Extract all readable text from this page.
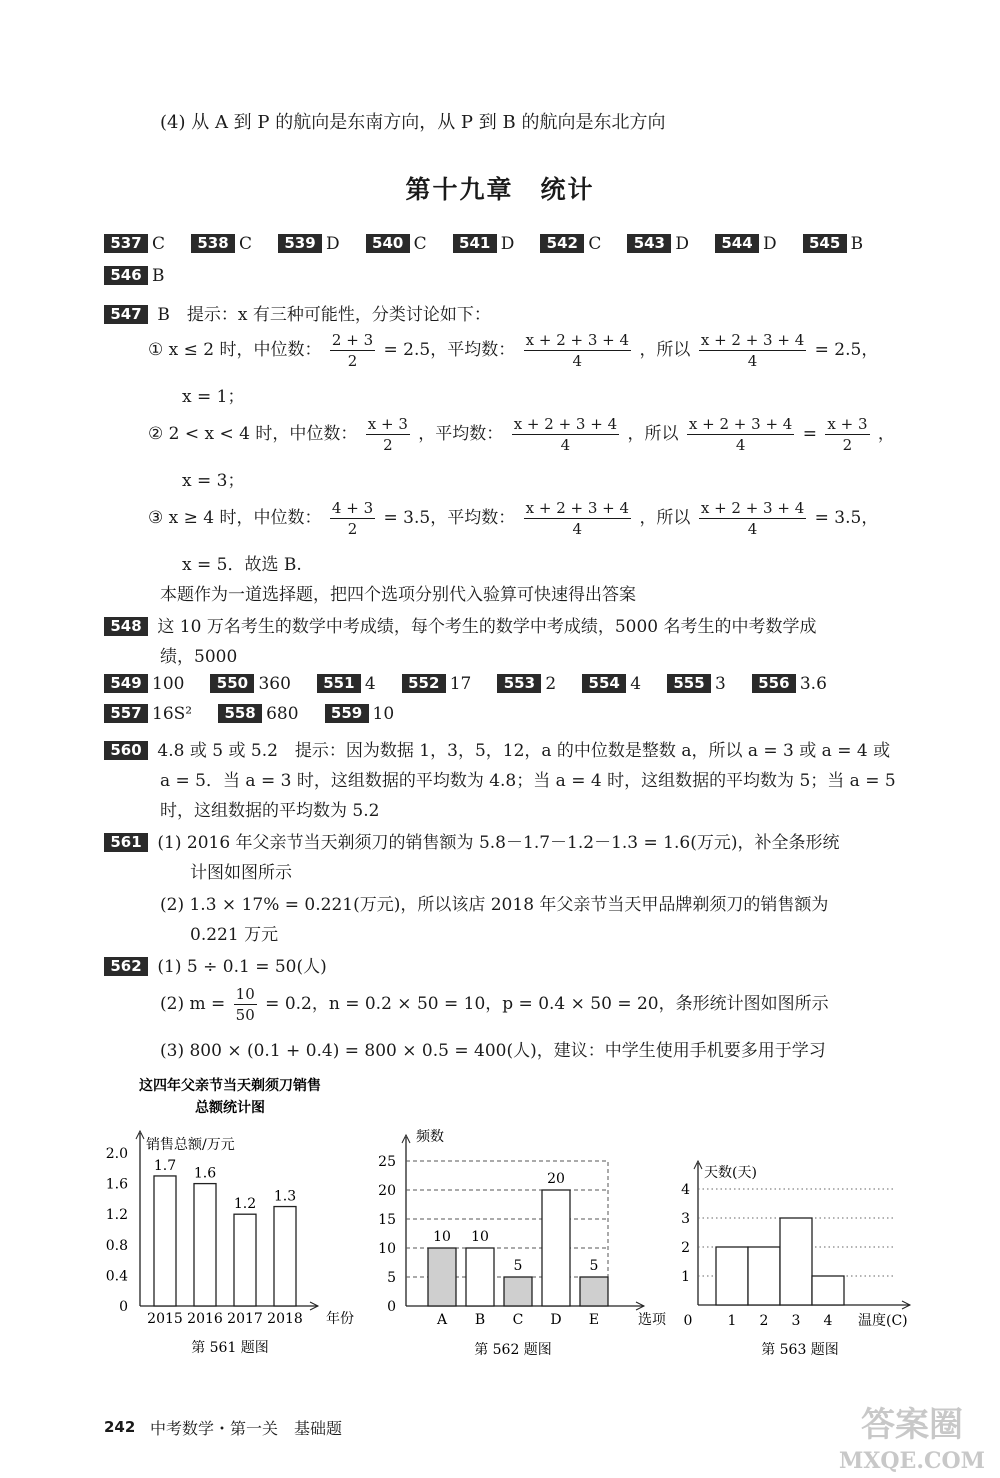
(4) 从 A 到 P 的航向是东南方向，从 P 到 B 的航向是东北方向
第十九章　统计
537 C 538 C 539 D 540 C 541 D 542 C 543 D 544 D 545 B
546 B
547 B　提示：x 有三种可能性，分类讨论如下：
① x ≤ 2 时，中位数： $\frac{2 + 3}{2} = 2.5$，平均数： $\frac{x + 2 + 3 + 4}{4}$ ，所以 $\frac{x + 2 + 3 + 4}{4} = 2.5$，
x = 1；
② 2 < x < 4 时，中位数： $\frac{x + 3}{2}$ ，平均数： $\frac{x + 2 + 3 + 4}{4}$ ，所以 $\frac{x + 2 + 3 + 4}{4} = \frac{x + 3}{2}$ ，
x = 3；
③ x ≥ 4 时，中位数： $\frac{4 + 3}{2} = 3.5$，平均数： $\frac{x + 2 + 3 + 4}{4}$ ，所以 $\frac{x + 2 + 3 + 4}{4} = 3.5$，
x = 5．故选 B.
本题作为一道选择题，把四个选项分别代入验算可快速得出答案
548 这 10 万名考生的数学中考成绩，每个考生的数学中考成绩，5000 名考生的中考数学成
绩，5000
549 100 550 360 551 4 552 17 553 2 554 4 555 3 556 3.6
557 16S² 558 680 559 10
560 4.8 或 5 或 5.2　提示：因为数据 1，3，5，12，a 的中位数是整数 a，所以 a = 3 或 a = 4 或
a = 5．当 a = 3 时，这组数据的平均数为 4.8；当 a = 4 时，这组数据的平均数为 5；当 a = 5
时，这组数据的平均数为 5.2
561 (1) 2016 年父亲节当天剃须刀的销售额为 5.8－1.7－1.2－1.3 = 1.6(万元)，补全条形统
计图如图所示
(2) 1.3 × 17% = 0.221(万元)，所以该店 2018 年父亲节当天甲品牌剃须刀的销售额为
0.221 万元
562 (1) 5 ÷ 0.1 = 50(人)
(2) $m = \frac{10}{50} = 0.2$，n = 0.2 × 50 = 10，p = 0.4 × 50 = 20，条形统计图如图所示
(3) 800 × (0.1 + 0.4) = 800 × 0.5 = 400(人)，建议：中学生使用手机要多用于学习
这四年父亲节当天剃须刀销售
总额统计图
销售总额/万元
年份
0
0.4
0.8
1.2
1.6
2.0
1.7
2015
1.6
2016
1.2
2017
1.3
2018
第 561 题图
频数
选项
0
5
10
15
20
25
10
A
10
B
5
C
20
D
5
E
第 562 题图
天数(天)
温度(C)
1
2
3
4
0	1 2 3 4
第 563 题图
242 中考数学・第一关　基础题	答案圈
MXQE.COM
